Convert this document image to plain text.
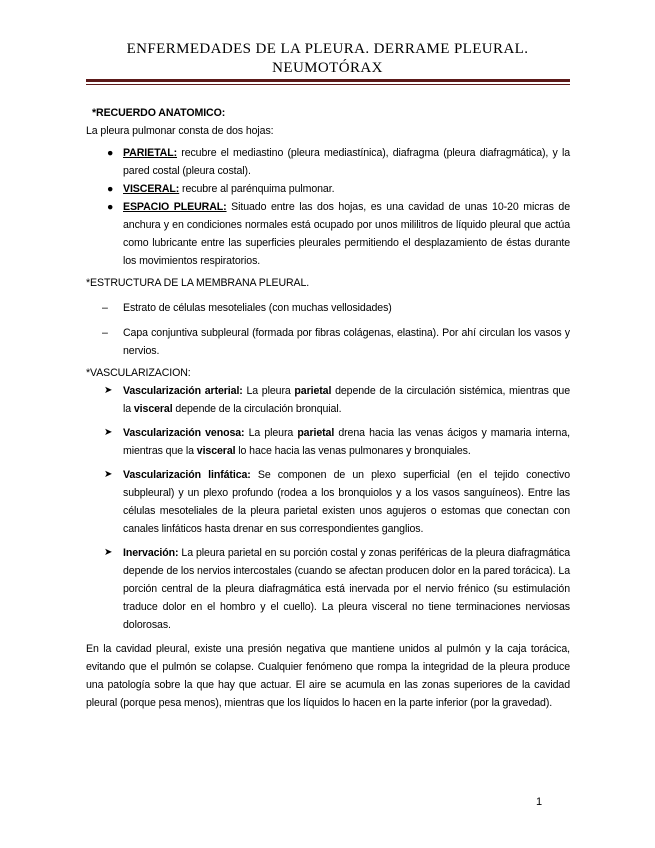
ENFERMEDADES DE LA PLEURA. DERRAME PLEURAL.
NEUMOTÓRAX

*RECUERDO ANATOMICO:

La pleura pulmonar consta de dos hojas:

● PARIETAL: recubre el mediastino (pleura mediastínica), diafragma (pleura diafragmática), y la pared costal (pleura costal).
● VISCERAL: recubre al parénquima pulmonar.
● ESPACIO PLEURAL: Situado entre las dos hojas, es una cavidad de unas 10-20 micras de anchura y en condiciones normales está ocupado por unos mililitros de líquido pleural que actúa como lubricante entre las superficies pleurales permitiendo el desplazamiento de éstas durante los movimientos respiratorios.

*ESTRUCTURA DE LA MEMBRANA PLEURAL.

– Estrato de células mesoteliales (con muchas vellosidades)
– Capa conjuntiva subpleural (formada por fibras colágenas, elastina). Por ahí circulan los vasos y nervios.

*VASCULARIZACION:

➤ Vascularización arterial: La pleura parietal depende de la circulación sistémica, mientras que la visceral depende de la circulación bronquial.
➤ Vascularización venosa: La pleura parietal drena hacia las venas ácigos y mamaria interna, mientras que la visceral lo hace hacia las venas pulmonares y bronquiales.
➤ Vascularización linfática: Se componen de un plexo superficial (en el tejido conectivo subpleural) y un plexo profundo (rodea a los bronquiolos y a los vasos sanguíneos). Entre las células mesoteliales de la pleura parietal existen unos agujeros o estomas que conectan con canales linfáticos hasta drenar en sus correspondientes ganglios.
➤ Inervación: La pleura parietal en su porción costal y zonas periféricas de la pleura diafragmática depende de los nervios intercostales (cuando se afectan producen dolor en la pared torácica). La porción central de la pleura diafragmática está inervada por el nervio frénico (su estimulación traduce dolor en el hombro y el cuello). La pleura visceral no tiene terminaciones nerviosas dolorosas.

En la cavidad pleural, existe una presión negativa que mantiene unidos al pulmón y la caja torácica, evitando que el pulmón se colapse. Cualquier fenómeno que rompa la integridad de la pleura produce una patología sobre la que hay que actuar. El aire se acumula en las zonas superiores de la cavidad pleural (porque pesa menos), mientras que los líquidos lo hacen en la parte inferior (por la gravedad).

1
